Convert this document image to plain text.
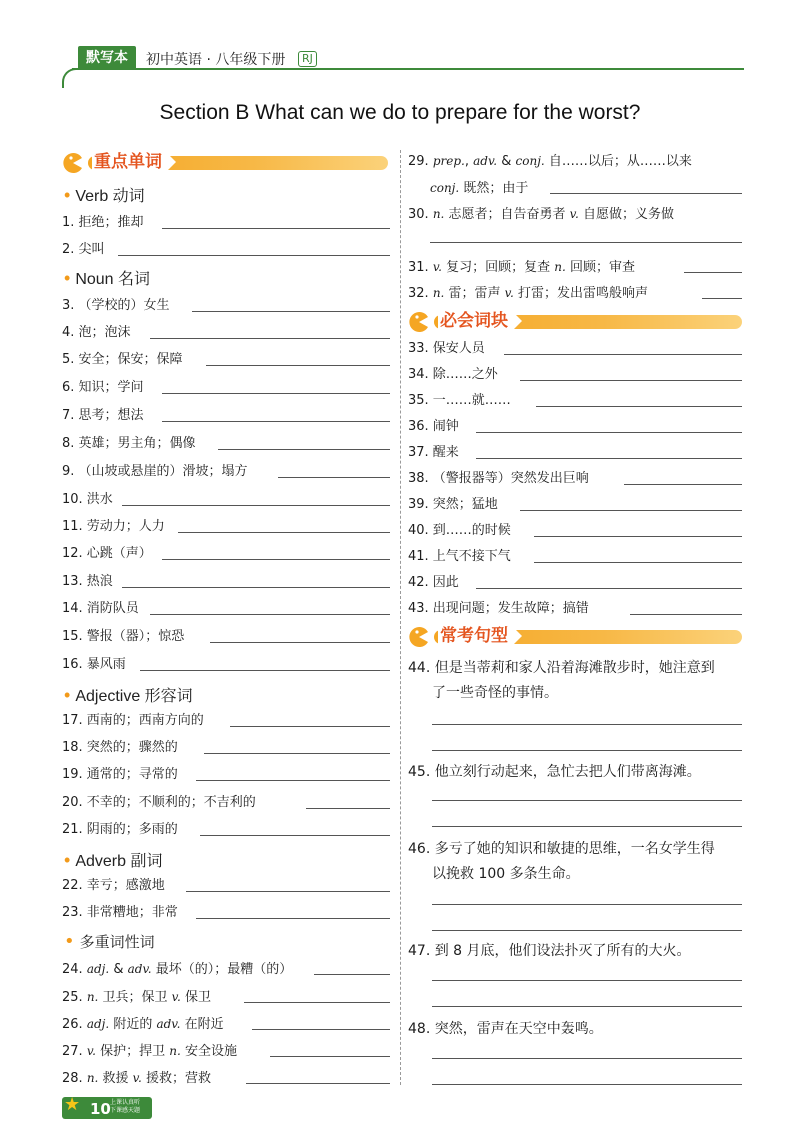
默写本	初中英语 · 八年级下册	RJ
Section B What can we do to prepare for the worst?
重点单词
• Verb 动词
1. 拒绝；推却
2. 尖叫
• Noun 名词
3. （学校的）女生
4. 泡；泡沫
5. 安全；保安；保障
6. 知识；学问
7. 思考；想法
8. 英雄；男主角；偶像
9. （山坡或悬崖的）滑坡；塌方
10. 洪水
11. 劳动力；人力
12. 心跳（声）
13. 热浪
14. 消防队员
15. 警报（器）；惊恐
16. 暴风雨
• Adjective 形容词
17. 西南的；西南方向的
18. 突然的；骤然的
19. 通常的；寻常的
20. 不幸的；不顺利的；不吉利的
21. 阴雨的；多雨的
• Adverb 副词
22. 幸亏；感激地
23. 非常糟地；非常
• 多重词性词
24. adj. & adv. 最坏（的）；最糟（的）
25. n. 卫兵；保卫 v. 保卫
26. adj. 附近的 adv. 在附近
27. v. 保护；捍卫 n. 安全设施
28. n. 救援 v. 援救；营救
29. prep., adv. & conj. 自……以后；从……以来
conj. 既然；由于
30. n. 志愿者；自告奋勇者 v. 自愿做；义务做
31. v. 复习；回顾；复查 n. 回顾；审查
32. n. 雷；雷声 v. 打雷；发出雷鸣般响声
必会词块
33. 保安人员
34. 除……之外
35. 一……就……
36. 闹钟
37. 醒来
38. （警报器等）突然发出巨响
39. 突然；猛地
40. 到……的时候
41. 上气不接下气
42. 因此
43. 出现问题；发生故障；搞错
常考句型
44. 但是当蒂莉和家人沿着海滩散步时，她注意到
了一些奇怪的事情。
45. 他立刻行动起来，急忙去把人们带离海滩。
46. 多亏了她的知识和敏捷的思维，一名女学生得
以挽救 100 多条生命。
47. 到 8 月底，他们设法扑灭了所有的大火。
48. 突然，雷声在天空中轰鸣。
★ 10 上课认真听
下课感天题
